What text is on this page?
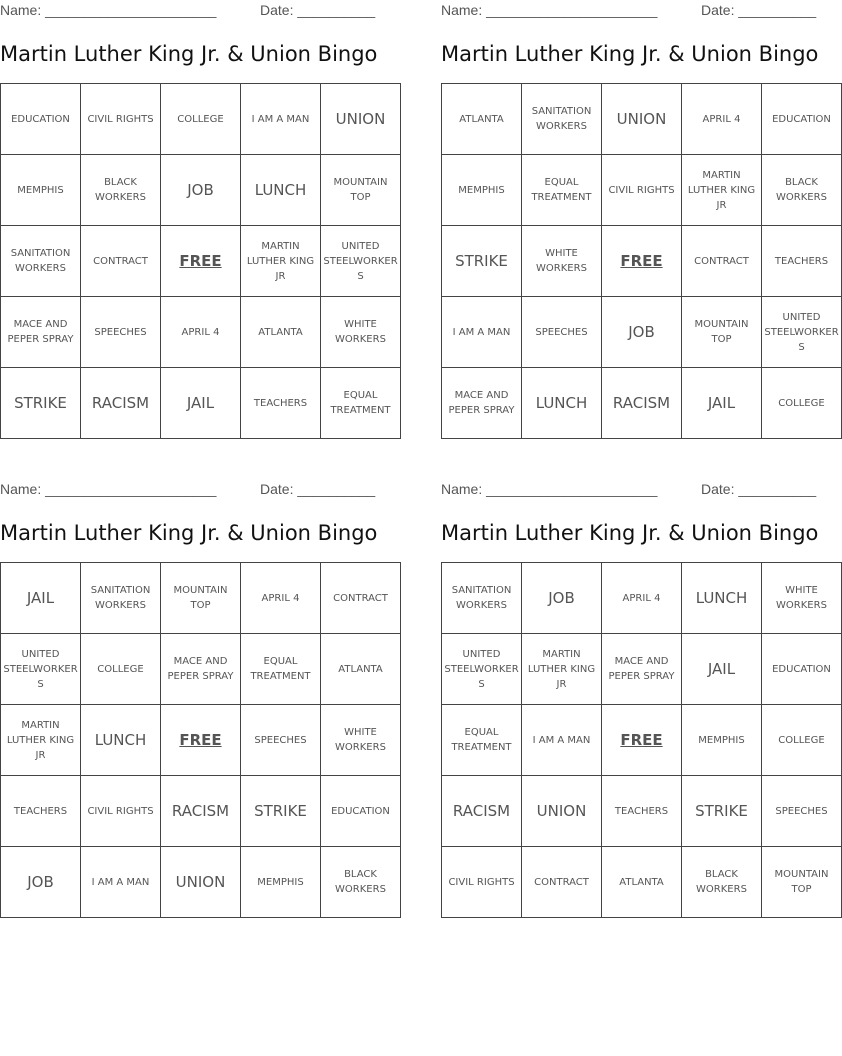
Name: ______________________	Date: __________
Martin Luther King Jr. & Union Bingo
EDUCATION	CIVIL RIGHTS	COLLEGE	I AM A MAN	UNION
MEMPHIS	BLACK WORKERS	JOB	LUNCH	MOUNTAIN TOP
SANITATION WORKERS	CONTRACT	FREE	MARTIN LUTHER KING JR	UNITED STEELWORKERS
MACE AND PEPER SPRAY	SPEECHES	APRIL 4	ATLANTA	WHITE WORKERS
STRIKE	RACISM	JAIL	TEACHERS	EQUAL TREATMENT
Name: ______________________	Date: __________
Martin Luther King Jr. & Union Bingo
ATLANTA	SANITATION WORKERS	UNION	APRIL 4	EDUCATION
MEMPHIS	EQUAL TREATMENT	CIVIL RIGHTS	MARTIN LUTHER KING JR	BLACK WORKERS
STRIKE	WHITE WORKERS	FREE	CONTRACT	TEACHERS
I AM A MAN	SPEECHES	JOB	MOUNTAIN TOP	UNITED STEELWORKERS
MACE AND PEPER SPRAY	LUNCH	RACISM	JAIL	COLLEGE
Name: ______________________	Date: __________
Martin Luther King Jr. & Union Bingo
JAIL	SANITATION WORKERS	MOUNTAIN TOP	APRIL 4	CONTRACT
UNITED STEELWORKERS	COLLEGE	MACE AND PEPER SPRAY	EQUAL TREATMENT	ATLANTA
MARTIN LUTHER KING JR	LUNCH	FREE	SPEECHES	WHITE WORKERS
TEACHERS	CIVIL RIGHTS	RACISM	STRIKE	EDUCATION
JOB	I AM A MAN	UNION	MEMPHIS	BLACK WORKERS
Name: ______________________	Date: __________
Martin Luther King Jr. & Union Bingo
SANITATION WORKERS	JOB	APRIL 4	LUNCH	WHITE WORKERS
UNITED STEELWORKERS	MARTIN LUTHER KING JR	MACE AND PEPER SPRAY	JAIL	EDUCATION
EQUAL TREATMENT	I AM A MAN	FREE	MEMPHIS	COLLEGE
RACISM	UNION	TEACHERS	STRIKE	SPEECHES
CIVIL RIGHTS	CONTRACT	ATLANTA	BLACK WORKERS	MOUNTAIN TOP
